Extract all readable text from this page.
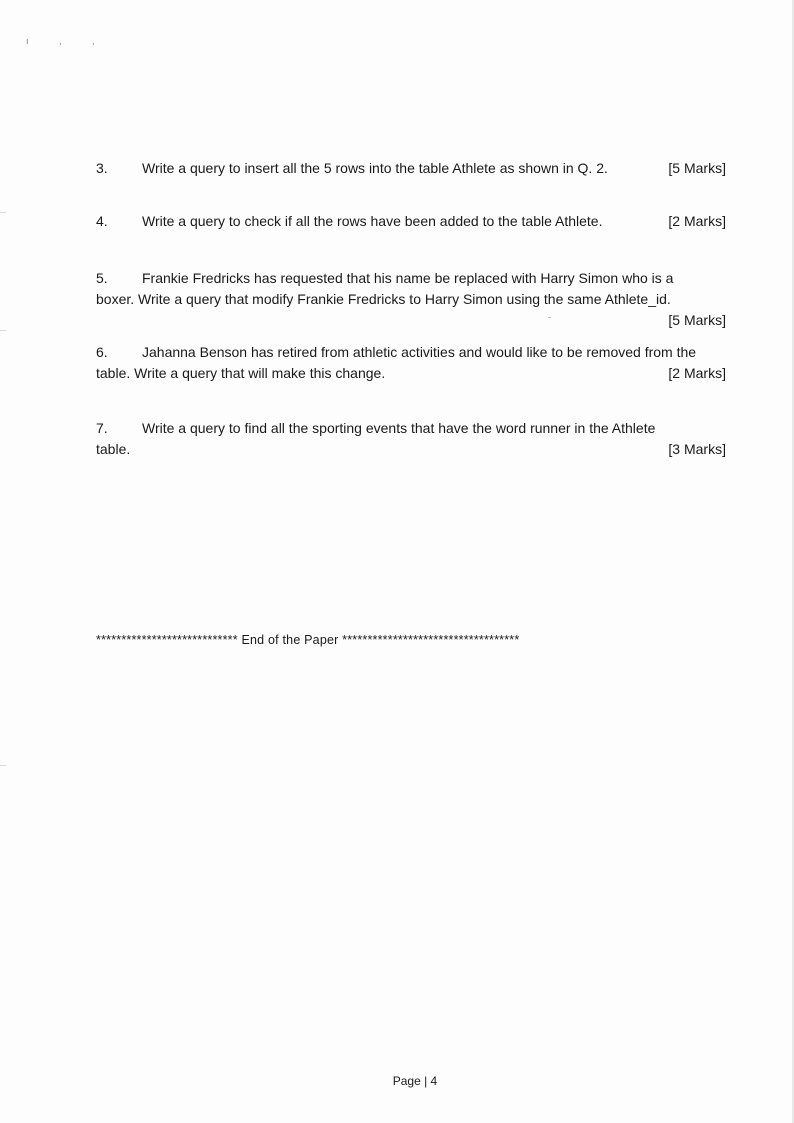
ı , ,
3. Write a query to insert all the 5 rows into the table Athlete as shown in Q. 2.	[5 Marks]
4. Write a query to check if all the rows have been added to the table Athlete.	[2 Marks]
5. Frankie Fredricks has requested that his name be replaced with Harry Simon who is a
boxer. Write a query that modify Frankie Fredricks to Harry Simon using the same Athlete_id.
[5 Marks]
6. Jahanna Benson has retired from athletic activities and would like to be removed from the
table. Write a query that will make this change.	[2 Marks]
7. Write a query to find all the sporting events that have the word runner in the Athlete
table.	[3 Marks]
**************************** End of the Paper ***********************************
Page | 4
